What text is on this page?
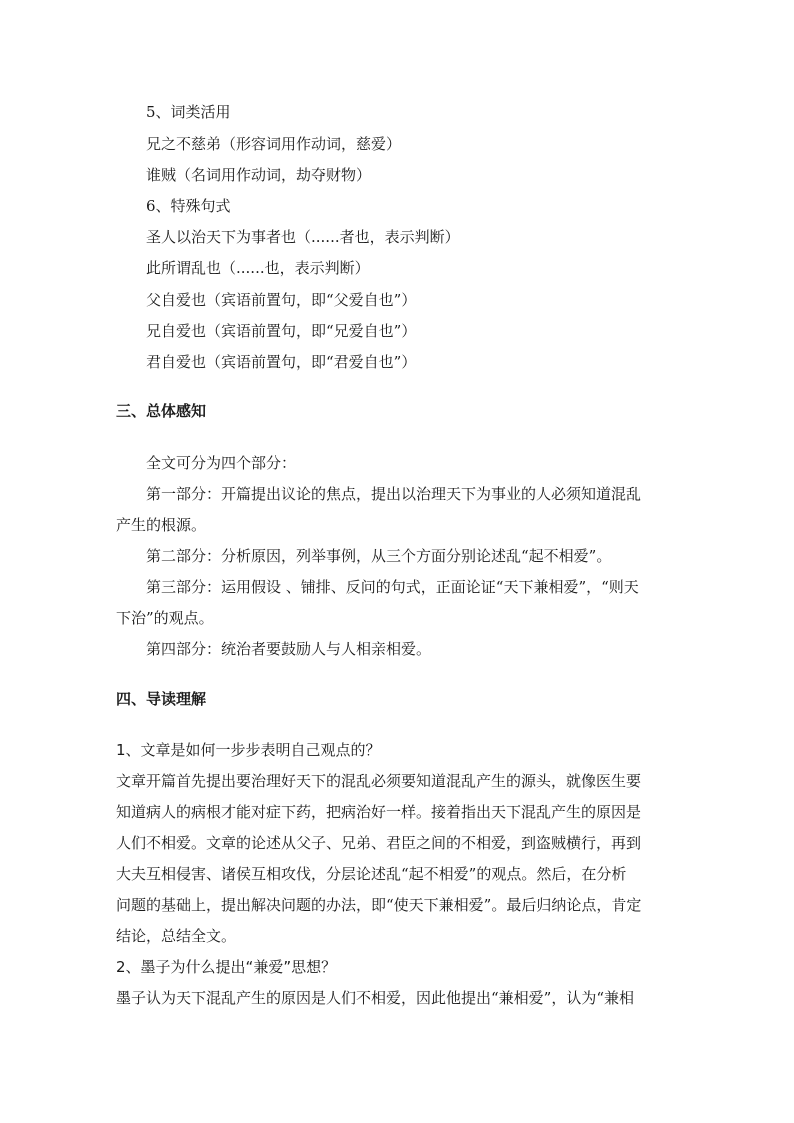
5、词类活用
兄之不慈弟（形容词用作动词，慈爱）
谁贼（名词用作动词，劫夺财物）
6、特殊句式
圣人以治天下为事者也（......者也，表示判断）
此所谓乱也（......也，表示判断）
父自爱也（宾语前置句，即“父爱自也”）
兄自爱也（宾语前置句，即“兄爱自也”）
君自爱也（宾语前置句，即“君爱自也”）
三、总体感知
全文可分为四个部分：
第一部分：开篇提出议论的焦点，提出以治理天下为事业的人必须知道混乱
产生的根源。
第二部分：分析原因，列举事例，从三个方面分别论述乱“起不相爱”。
第三部分：运用假设 、铺排、反问的句式，正面论证“天下兼相爱”，“则天
下治”的观点。
第四部分：统治者要鼓励人与人相亲相爱。
四、导读理解
1、文章是如何一步步表明自己观点的？
文章开篇首先提出要治理好天下的混乱必须要知道混乱产生的源头，就像医生要
知道病人的病根才能对症下药，把病治好一样。接着指出天下混乱产生的原因是
人们不相爱。文章的论述从父子、兄弟、君臣之间的不相爱，到盗贼横行，再到
大夫互相侵害、诸侯互相攻伐，分层论述乱“起不相爱”的观点。然后，在分析
问题的基础上，提出解决问题的办法，即“使天下兼相爱”。最后归纳论点，肯定
结论，总结全文。
2、墨子为什么提出“兼爱”思想？
墨子认为天下混乱产生的原因是人们不相爱，因此他提出“兼相爱”，认为“兼相
